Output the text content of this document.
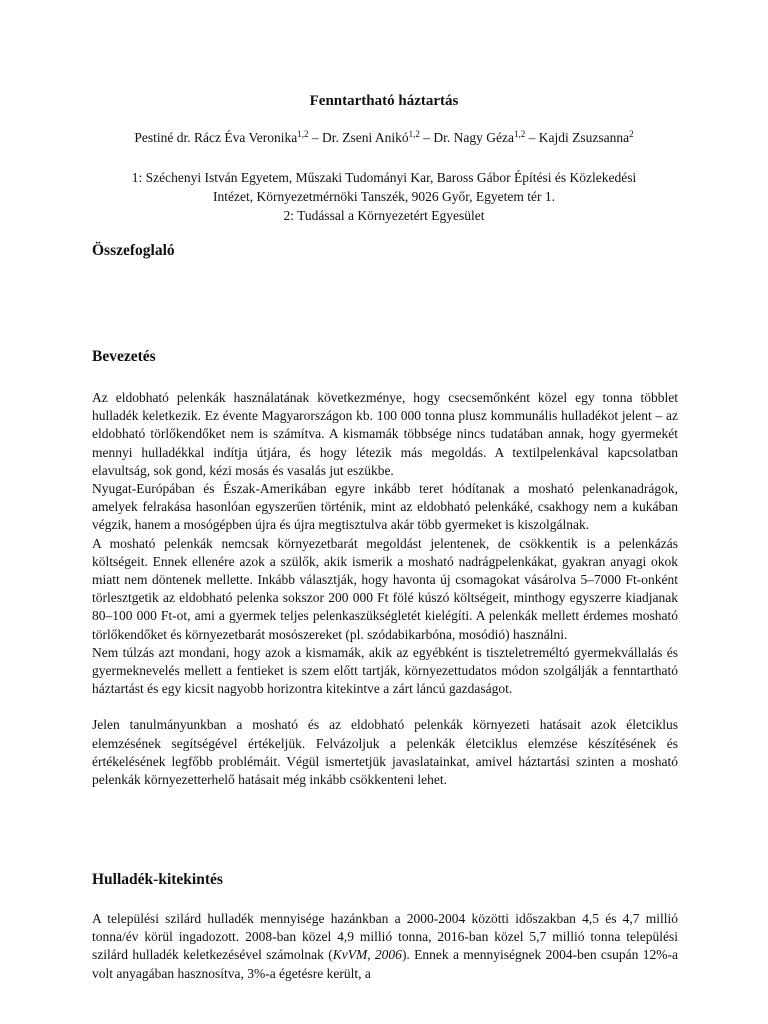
Fenntartható háztartás
Pestiné dr. Rácz Éva Veronika$^{1,2}$ – Dr. Zseni Anikó$^{1,2}$ – Dr. Nagy Géza$^{1,2}$ – Kajdi Zsuzsanna$^2$
1: Széchenyi István Egyetem, Műszaki Tudományi Kar, Baross Gábor Építési és Közlekedési
Intézet, Környezetmérnöki Tanszék, 9026 Győr, Egyetem tér 1.
2: Tudással a Környezetért Egyesület
Összefoglaló
Bevezetés

Az eldobható pelenkák használatának következménye, hogy csecsemőnként közel egy tonna többlet hulladék keletkezik. Ez évente Magyarországon kb. 100 000 tonna plusz kommunális hulladékot jelent – az eldobható törlőkendőket nem is számítva. A kismamák többsége nincs tudatában annak, hogy gyermekét mennyi hulladékkal indítja útjára, és hogy létezik más megoldás. A textilpelenkával kapcsolatban elavultság, sok gond, kézi mosás és vasalás jut eszükbe.

Nyugat-Európában és Észak-Amerikában egyre inkább teret hódítanak a mosható pelenkanadrágok, amelyek felrakása hasonlóan egyszerűen történik, mint az eldobható pelenkáké, csakhogy nem a kukában végzik, hanem a mosógépben újra és újra megtisztulva akár több gyermeket is kiszolgálnak.

A mosható pelenkák nemcsak környezetbarát megoldást jelentenek, de csökkentik is a pelenkázás költségeit. Ennek ellenére azok a szülők, akik ismerik a mosható nadrágpelenkákat, gyakran anyagi okok miatt nem döntenek mellette. Inkább választják, hogy havonta új csomagokat vásárolva 5–7000 Ft-onként törlesztgetik az eldobható pelenka sokszor 200 000 Ft fölé kúszó költségeit, minthogy egyszerre kiadjanak 80–100 000 Ft-ot, ami a gyermek teljes pelenkaszükségletét kielégíti. A pelenkák mellett érdemes mosható törlőkendőket és környezetbarát mosószereket (pl. szódabikarbóna, mosódió) használni.

Nem túlzás azt mondani, hogy azok a kismamák, akik az egyébként is tiszteletreméltó gyermekvállalás és gyermeknevelés mellett a fentieket is szem előtt tartják, környezettudatos módon szolgálják a fenntartható háztartást és egy kicsit nagyobb horizontra kitekintve a zárt láncú gazdaságot.

Jelen tanulmányunkban a mosható és az eldobható pelenkák környezeti hatásait azok életciklus elemzésének segítségével értékeljük. Felvázoljuk a pelenkák életciklus elemzése készítésének és értékelésének legfőbb problémáit. Végül ismertetjük javaslatainkat, amivel háztartási szinten a mosható pelenkák környezetterhelő hatásait még inkább csökkenteni lehet.

Hulladék-kitekintés

A települési szilárd hulladék mennyisége hazánkban a 2000-2004 közötti időszakban 4,5 és 4,7 millió tonna/év körül ingadozott. 2008-ban közel 4,9 millió tonna, 2016-ban közel 5,7 millió tonna települési szilárd hulladék keletkezésével számolnak (KvVM, 2006). Ennek a mennyiségnek 2004-ben csupán 12%-a volt anyagában hasznosítva, 3%-a égetésre került, a
